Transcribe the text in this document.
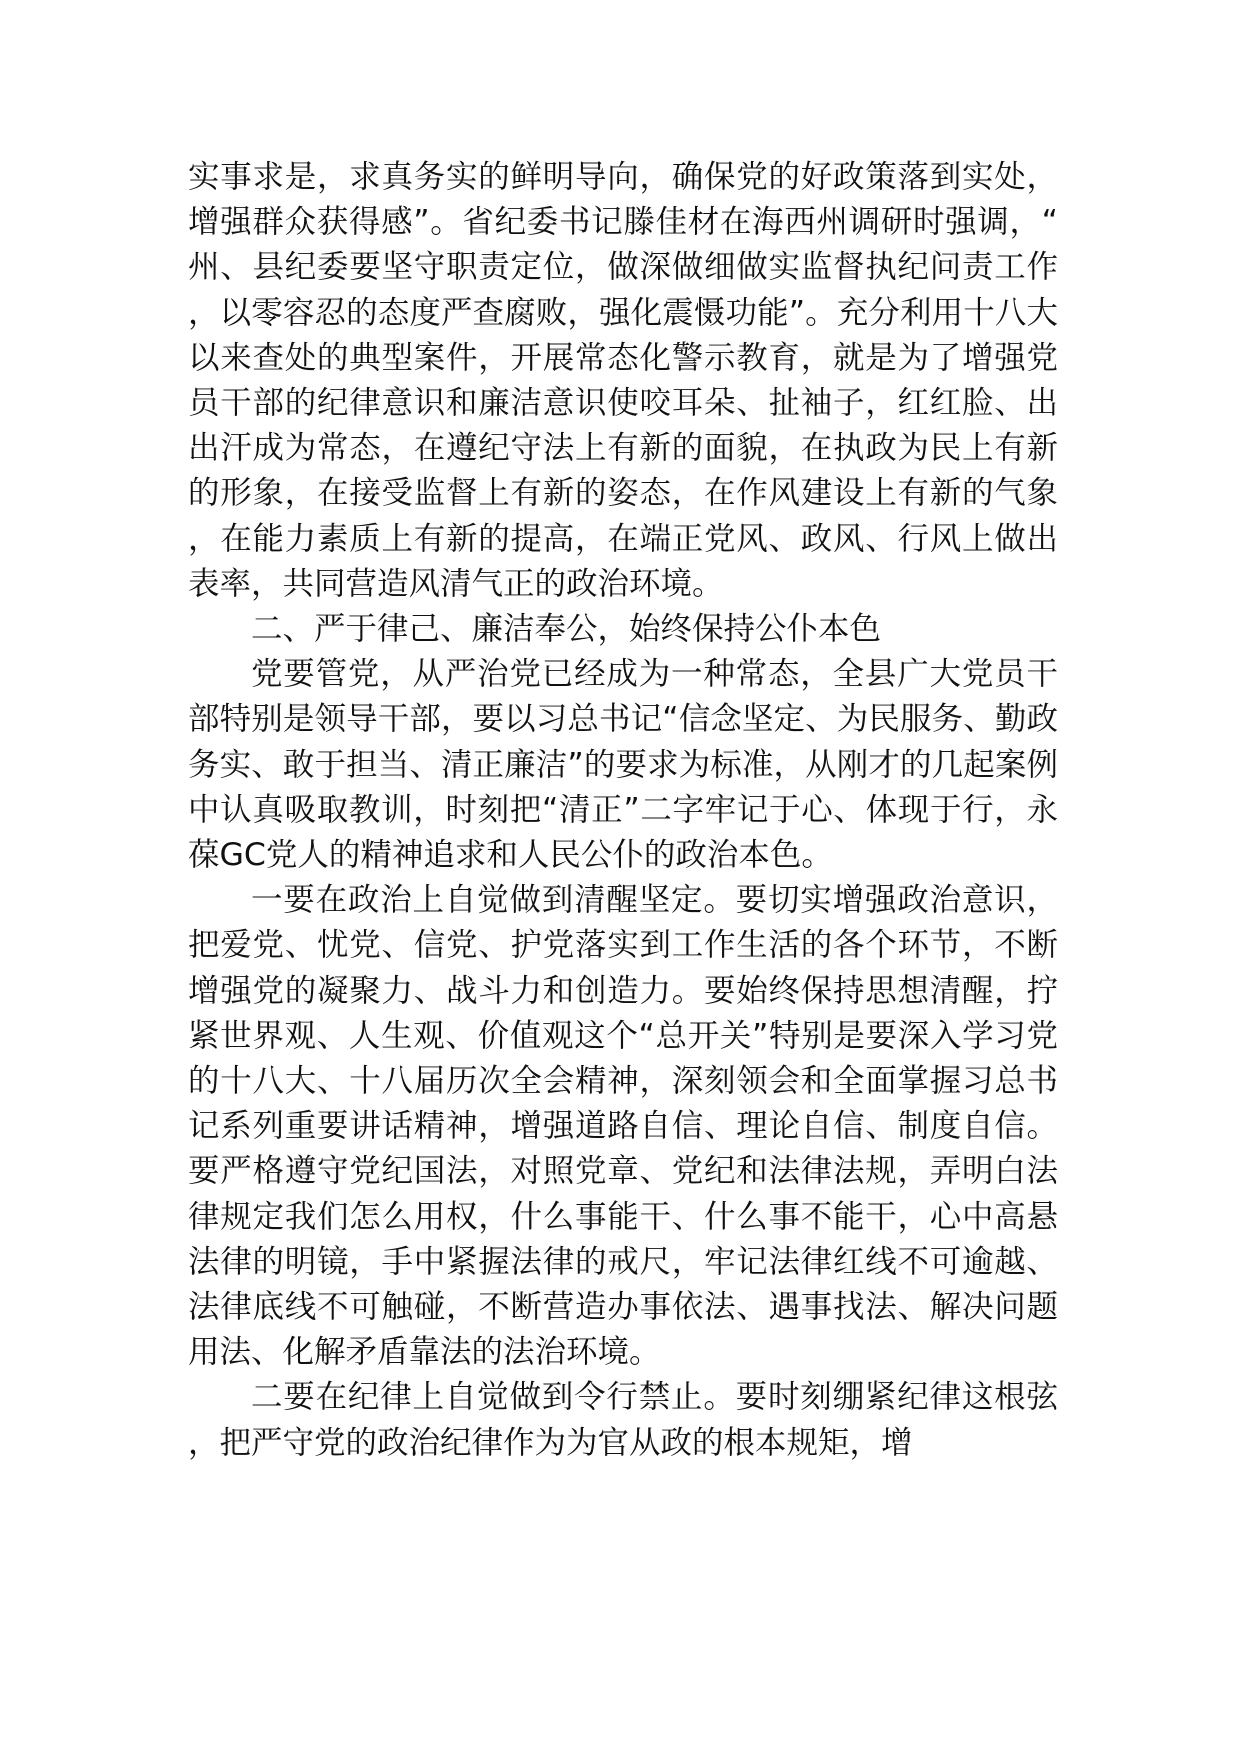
实事求是，求真务实的鲜明导向，确保党的好政策落到实处，增强群众获得感”。省纪委书记滕佳材在海西州调研时强调，“州、县纪委要坚守职责定位，做深做细做实监督执纪问责工作，以零容忍的态度严查腐败，强化震慑功能”。充分利用十八大以来查处的典型案件，开展常态化警示教育，就是为了增强党员干部的纪律意识和廉洁意识使咬耳朵、扯袖子，红红脸、出出汗成为常态，在遵纪守法上有新的面貌，在执政为民上有新的形象，在接受监督上有新的姿态，在作风建设上有新的气象，在能力素质上有新的提高，在端正党风、政风、行风上做出表率，共同营造风清气正的政治环境。

二、严于律己、廉洁奉公，始终保持公仆本色

党要管党，从严治党已经成为一种常态，全县广大党员干部特别是领导干部，要以习总书记“信念坚定、为民服务、勤政务实、敢于担当、清正廉洁”的要求为标准，从刚才的几起案例中认真吸取教训，时刻把“清正”二字牢记于心、体现于行，永葆GC党人的精神追求和人民公仆的政治本色。

一要在政治上自觉做到清醒坚定。要切实增强政治意识，把爱党、忧党、信党、护党落实到工作生活的各个环节，不断增强党的凝聚力、战斗力和创造力。要始终保持思想清醒，拧紧世界观、人生观、价值观这个“总开关”特别是要深入学习党的十八大、十八届历次全会精神，深刻领会和全面掌握习总书记系列重要讲话精神，增强道路自信、理论自信、制度自信。要严格遵守党纪国法，对照党章、党纪和法律法规，弄明白法律规定我们怎么用权，什么事能干、什么事不能干，心中高悬法律的明镜，手中紧握法律的戒尺，牢记法律红线不可逾越、法律底线不可触碰，不断营造办事依法、遇事找法、解决问题用法、化解矛盾靠法的法治环境。

二要在纪律上自觉做到令行禁止。要时刻绷紧纪律这根弦，把严守党的政治纪律作为为官从政的根本规矩，增
